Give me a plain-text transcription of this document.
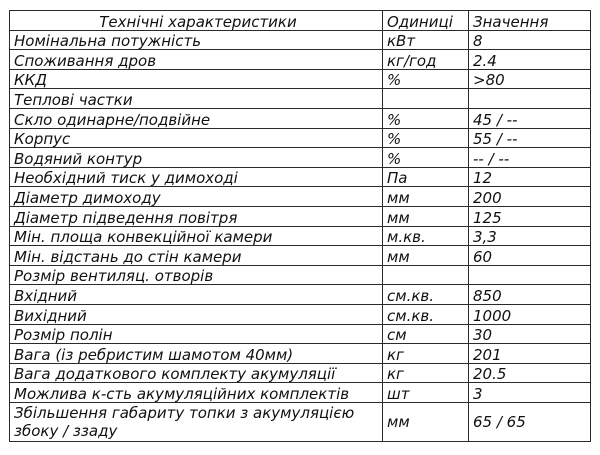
Технічні характеристики	Одиниці	Значення
Номінальна потужність	кВт	8
Споживання дров	кг/год	2.4
ККД	%	>80
Теплові частки		
Скло одинарне/подвійне	%	45 / --
Корпус	%	55 / --
Водяний контур	%	-- / --
Необхідний тиск у димоході	Па	12
Діаметр димоходу	мм	200
Діаметр підведення повітря	мм	125
Мін. площа конвекційної камери	м.кв.	3,3
Мін. відстань до стін камери	мм	60
Розмір вентиляц. отворів		
Вхідний	см.кв.	850
Вихідний	см.кв.	1000
Розмір полін	см	30
Вага (із ребристим шамотом 40мм)	кг	201
Вага додаткового комплекту акумуляції	кг	20.5
Можлива к-сть акумуляційних комплектів	шт	3
Збільшення габариту топки з акумуляцією збоку / ззаду	мм	65 / 65
